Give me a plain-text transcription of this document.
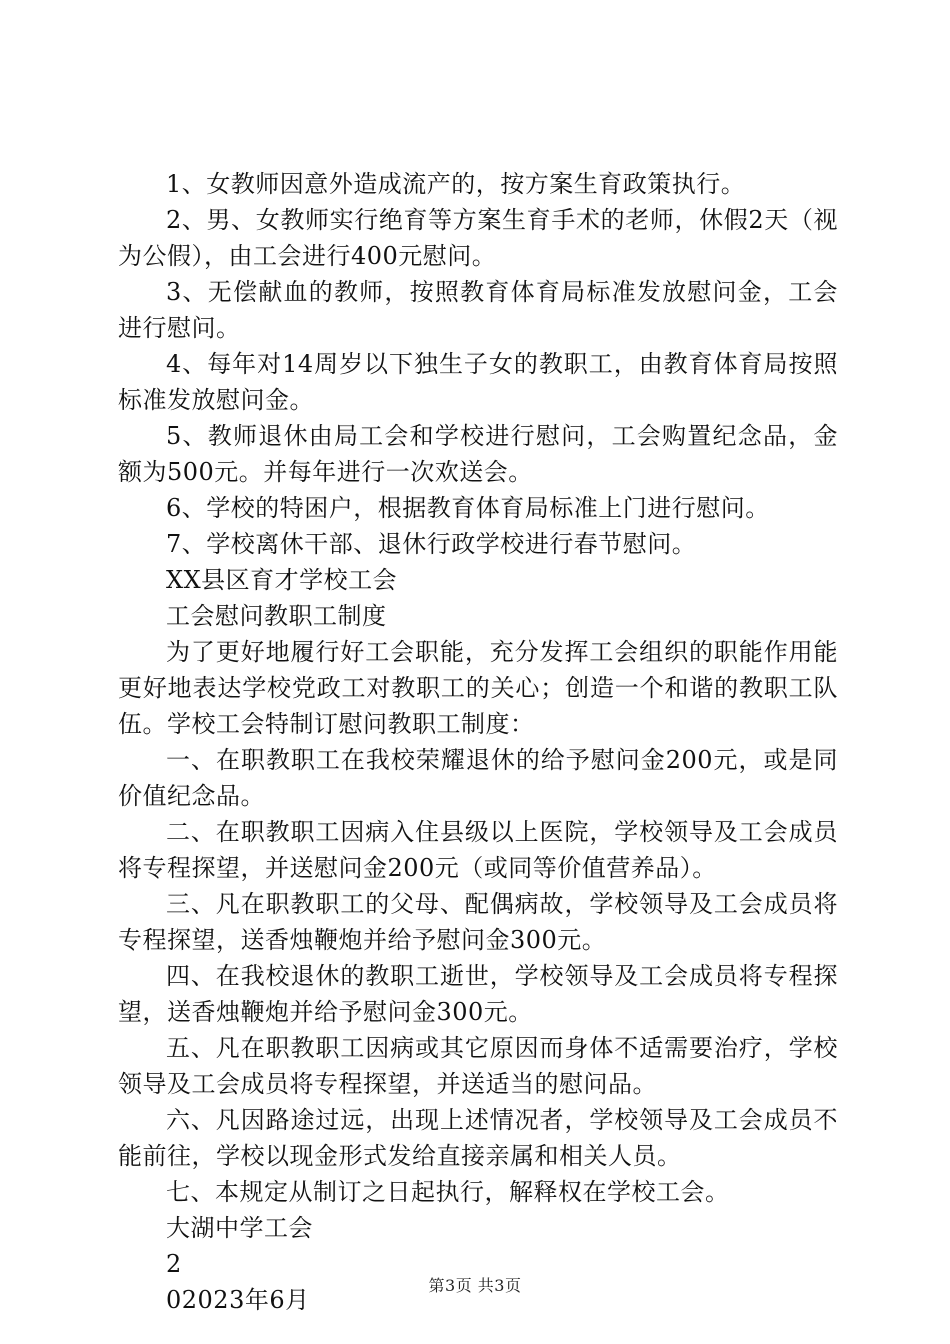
1、女教师因意外造成流产的，按方案生育政策执行。

2、男、女教师实行绝育等方案生育手术的老师，休假2天（视为公假），由工会进行400元慰问。

3、无偿献血的教师，按照教育体育局标准发放慰问金，工会进行慰问。

4、每年对14周岁以下独生子女的教职工，由教育体育局按照标准发放慰问金。

5、教师退休由局工会和学校进行慰问，工会购置纪念品，金额为500元。并每年进行一次欢送会。

6、学校的特困户，根据教育体育局标准上门进行慰问。

7、学校离休干部、退休行政学校进行春节慰问。

XX县区育才学校工会

工会慰问教职工制度

为了更好地履行好工会职能，充分发挥工会组织的职能作用能更好地表达学校党政工对教职工的关心；创造一个和谐的教职工队伍。学校工会特制订慰问教职工制度：

一、在职教职工在我校荣耀退休的给予慰问金200元，或是同价值纪念品。

二、在职教职工因病入住县级以上医院，学校领导及工会成员将专程探望，并送慰问金200元（或同等价值营养品）。

三、凡在职教职工的父母、配偶病故，学校领导及工会成员将专程探望，送香烛鞭炮并给予慰问金300元。

四、在我校退休的教职工逝世，学校领导及工会成员将专程探望，送香烛鞭炮并给予慰问金300元。

五、凡在职教职工因病或其它原因而身体不适需要治疗，学校领导及工会成员将专程探望，并送适当的慰问品。

六、凡因路途过远，出现上述情况者，学校领导及工会成员不能前往，学校以现金形式发给直接亲属和相关人员。

七、本规定从制订之日起执行，解释权在学校工会。

大湖中学工会

2

02023年6月

第3页 共3页
